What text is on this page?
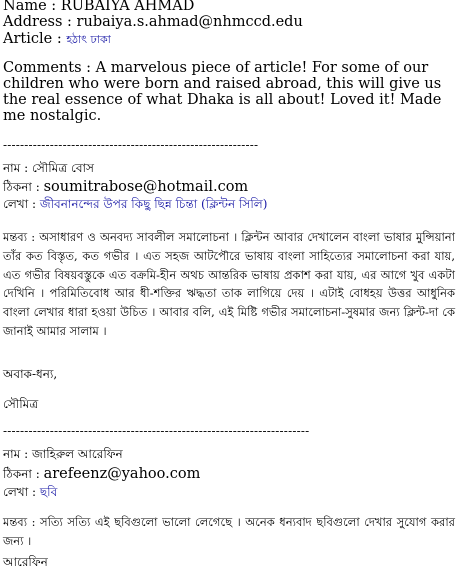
Name : RUBAIYA AHMAD
Address : rubaiya.s.ahmad@nhmccd.edu
Article : হঠাৎ ঢাকা
Comments : A marvelous piece of article! For some of our children who were born and raised abroad, this will give us the real essence of what Dhaka is all about! Loved it! Made me nostalgic.
------------------------------------------------------------
নাম : সৌমিত্র বোস
ঠিকনা : soumitrabose@hotmail.com
লেখা : জীবনানন্দের উপর কিছু ছিন্ন চিন্তা (ক্লিন্টন সিলি)
মন্তব্য : অসাধারণ ও অনবদ্য সাবলীল সমালোচনা । ক্লিন্টন আবার দেখালেন বাংলা ভাষার মুন্সিয়ানা তাঁর কত বিস্তৃত, কত গভীর । এত সহজ আটপৌরে ভাষায় বাংলা সাহিত্যের সমালোচনা করা যায়, এত গভীর বিষয়বস্তুকে এত বক্রমি-হীন অথচ আন্তরিক ভাষায় প্রকাশ করা যায়, এর আগে খুব একটা দেখিনি । পরিমিতিবোধ আর ধী-শক্তির ঋদ্ধতা তাক লাগিয়ে দেয় । এটাই বোধহয় উত্তর আধুনিক বাংলা লেখার ধারা হওয়া উচিত । আবার বলি, এই মিষ্টি গভীর সমালোচনা-সুষমার জন্য ক্লিন্ট-দা কে জানাই আমার সালাম ।
অবাক-ধন্য,
সৌমিত্র
------------------------------------------------------------------------
নাম : জাহিরুল আরেফিন
ঠিকনা : arefeenz@yahoo.com
লেখা : ছবি
মন্তব্য : সত্যি সত্যি এই ছবিগুলো ভালো লেগেছে । অনেক ধন্যবাদ ছবিগুলো দেখার সুযোগ করার জন্য ।
আরেফিন
